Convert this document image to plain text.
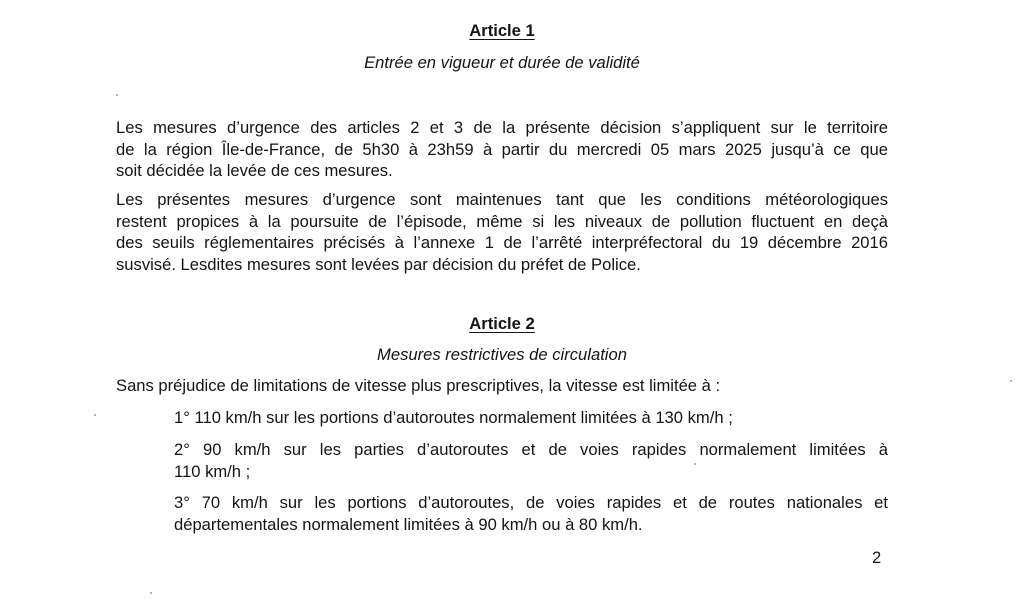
Article 1
Entrée en vigueur et durée de validité
Les mesures d’urgence des articles 2 et 3 de la présente décision s’appliquent sur le territoire
de la région Île-de-France, de 5h30 à 23h59 à partir du mercredi 05 mars 2025 jusqu’à ce que
soit décidée la levée de ces mesures.
Les présentes mesures d’urgence sont maintenues tant que les conditions météorologiques
restent propices à la poursuite de l’épisode, même si les niveaux de pollution fluctuent en deçà
des seuils réglementaires précisés à l’annexe 1 de l’arrêté interpréfectoral du 19 décembre 2016
susvisé. Lesdites mesures sont levées par décision du préfet de Police.
Article 2
Mesures restrictives de circulation
Sans préjudice de limitations de vitesse plus prescriptives, la vitesse est limitée à :
1° 110 km/h sur les portions d’autoroutes normalement limitées à 130 km/h ;
2° 90 km/h sur les parties d’autoroutes et de voies rapides normalement limitées à
110 km/h ;
3° 70 km/h sur les portions d’autoroutes, de voies rapides et de routes nationales et
départementales normalement limitées à 90 km/h ou à 80 km/h.
2
